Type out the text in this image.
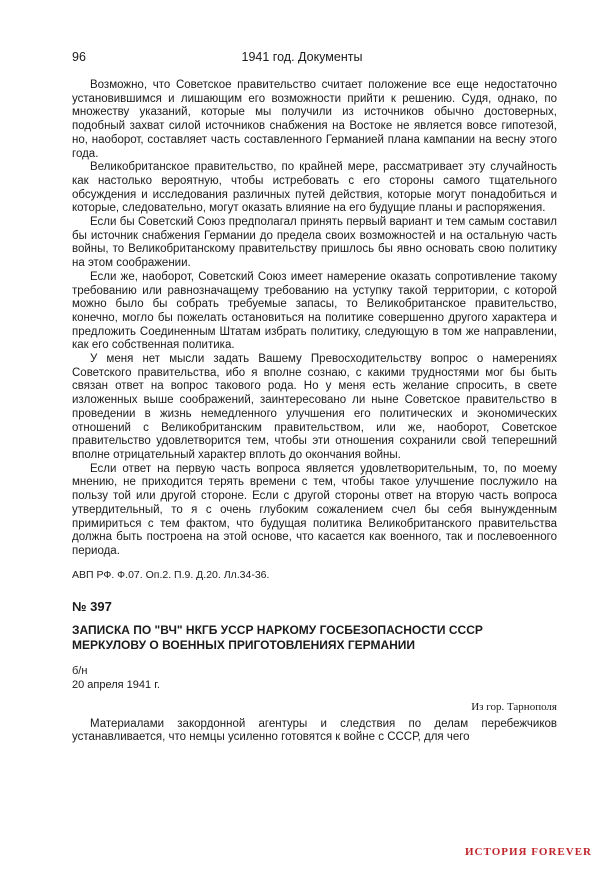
96	1941 год. Документы

Возможно, что Советское правительство считает положение все еще недостаточно установившимся и лишающим его возможности прийти к решению. Судя, однако, по множеству указаний, которые мы получили из источников обычно достоверных, подобный захват силой источников снабжения на Востоке не является вовсе гипотезой, но, наоборот, составляет часть составленного Германией плана кампании на весну этого года.

Великобританское правительство, по крайней мере, рассматривает эту случайность как настолько вероятную, чтобы истребовать с его стороны самого тщательного обсуждения и исследования различных путей действия, которые могут понадобиться и которые, следовательно, могут оказать влияние на его будущие планы и распоряжения.

Если бы Советский Союз предполагал принять первый вариант и тем самым составил бы источник снабжения Германии до предела своих возможностей и на остальную часть войны, то Великобританскому правительству пришлось бы явно основать свою политику на этом соображении.

Если же, наоборот, Советский Союз имеет намерение оказать сопротивление такому требованию или равнозначащему требованию на уступку такой территории, с которой можно было бы собрать требуемые запасы, то Великобританское правительство, конечно, могло бы пожелать остановиться на политике совершенно другого характера и предложить Соединенным Штатам избрать политику, следующую в том же направлении, как его собственная политика.

У меня нет мысли задать Вашему Превосходительству вопрос о намерениях Советского правительства, ибо я вполне сознаю, с какими трудностями мог бы быть связан ответ на вопрос такового рода. Но у меня есть желание спросить, в свете изложенных выше соображений, заинтересовано ли ныне Советское правительство в проведении в жизнь немедленного улучшения его политических и экономических отношений с Великобританским правительством, или же, наоборот, Советское правительство удовлетворится тем, чтобы эти отношения сохранили свой теперешний вполне отрицательный характер вплоть до окончания войны.

Если ответ на первую часть вопроса является удовлетворительным, то, по моему мнению, не приходится терять времени с тем, чтобы такое улучшение послужило на пользу той или другой стороне. Если с другой стороны ответ на вторую часть вопроса утвердительный, то я с очень глубоким сожалением счел бы себя вынужденным примириться с тем фактом, что будущая политика Великобританского правительства должна быть построена на этой основе, что касается как военного, так и послевоенного периода.

АВП РФ. Ф.07. Оп.2. П.9. Д.20. Лл.34-36.

№ 397

ЗАПИСКА ПО "ВЧ" НКГБ УССР НАРКОМУ ГОСБЕЗОПАСНОСТИ СССР МЕРКУЛОВУ О ВОЕННЫХ ПРИГОТОВЛЕНИЯХ ГЕРМАНИИ

б/н

20 апреля 1941 г.

Из гор. Тарнополя

Материалами закордонной агентуры и следствия по делам перебежчиков устанавливается, что немцы усиленно готовятся к войне с СССР, для чего

ИСТОРИЯ FOREVER
